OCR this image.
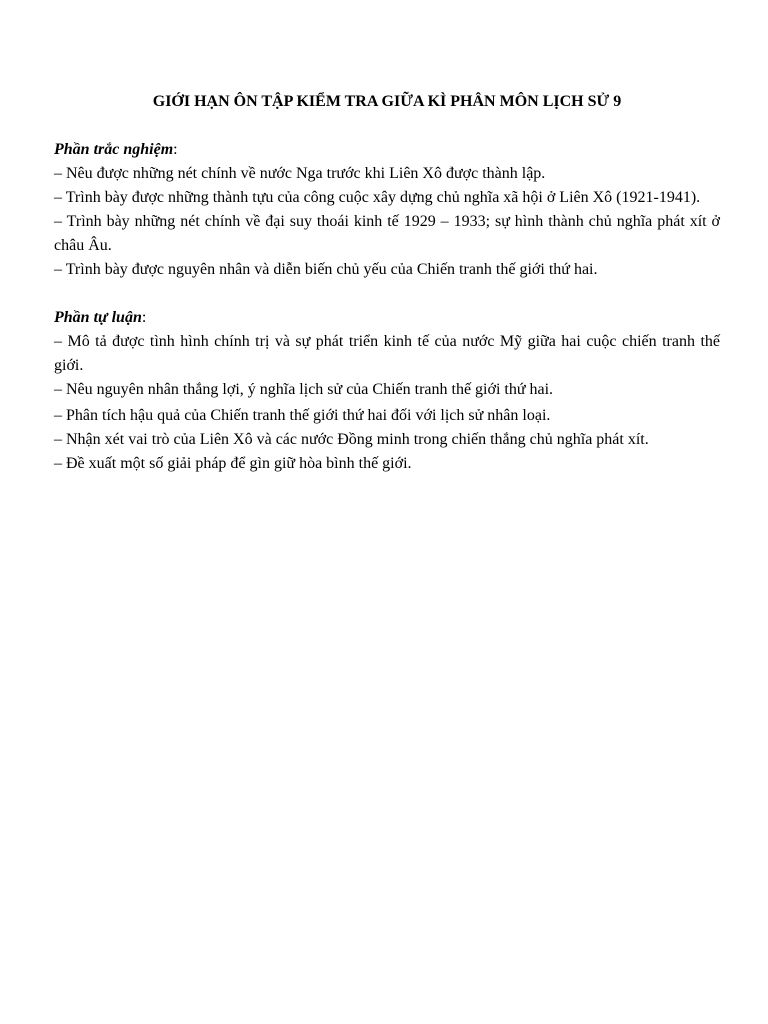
GIỚI HẠN ÔN TẬP KIỂM TRA GIỮA KÌ PHÂN MÔN LỊCH SỬ 9

Phần trắc nghiệm:

– Nêu được những nét chính về nước Nga trước khi Liên Xô được thành lập.

– Trình bày được những thành tựu của công cuộc xây dựng chủ nghĩa xã hội ở Liên Xô (1921-1941).

– Trình bày những nét chính về đại suy thoái kinh tế 1929 – 1933; sự hình thành chủ nghĩa phát xít ở châu Âu.

– Trình bày được nguyên nhân và diễn biến chủ yếu của Chiến tranh thế giới thứ hai.

Phần tự luận:

– Mô tả được tình hình chính trị và sự phát triển kinh tế của nước Mỹ giữa hai cuộc chiến tranh thế giới.

– Nêu nguyên nhân thắng lợi, ý nghĩa lịch sử của Chiến tranh thế giới thứ hai.

– Phân tích hậu quả của Chiến tranh thế giới thứ hai đối với lịch sử nhân loại.

– Nhận xét vai trò của Liên Xô và các nước Đồng minh trong chiến thắng chủ nghĩa phát xít.

– Đề xuất một số giải pháp để gìn giữ hòa bình thế giới.
